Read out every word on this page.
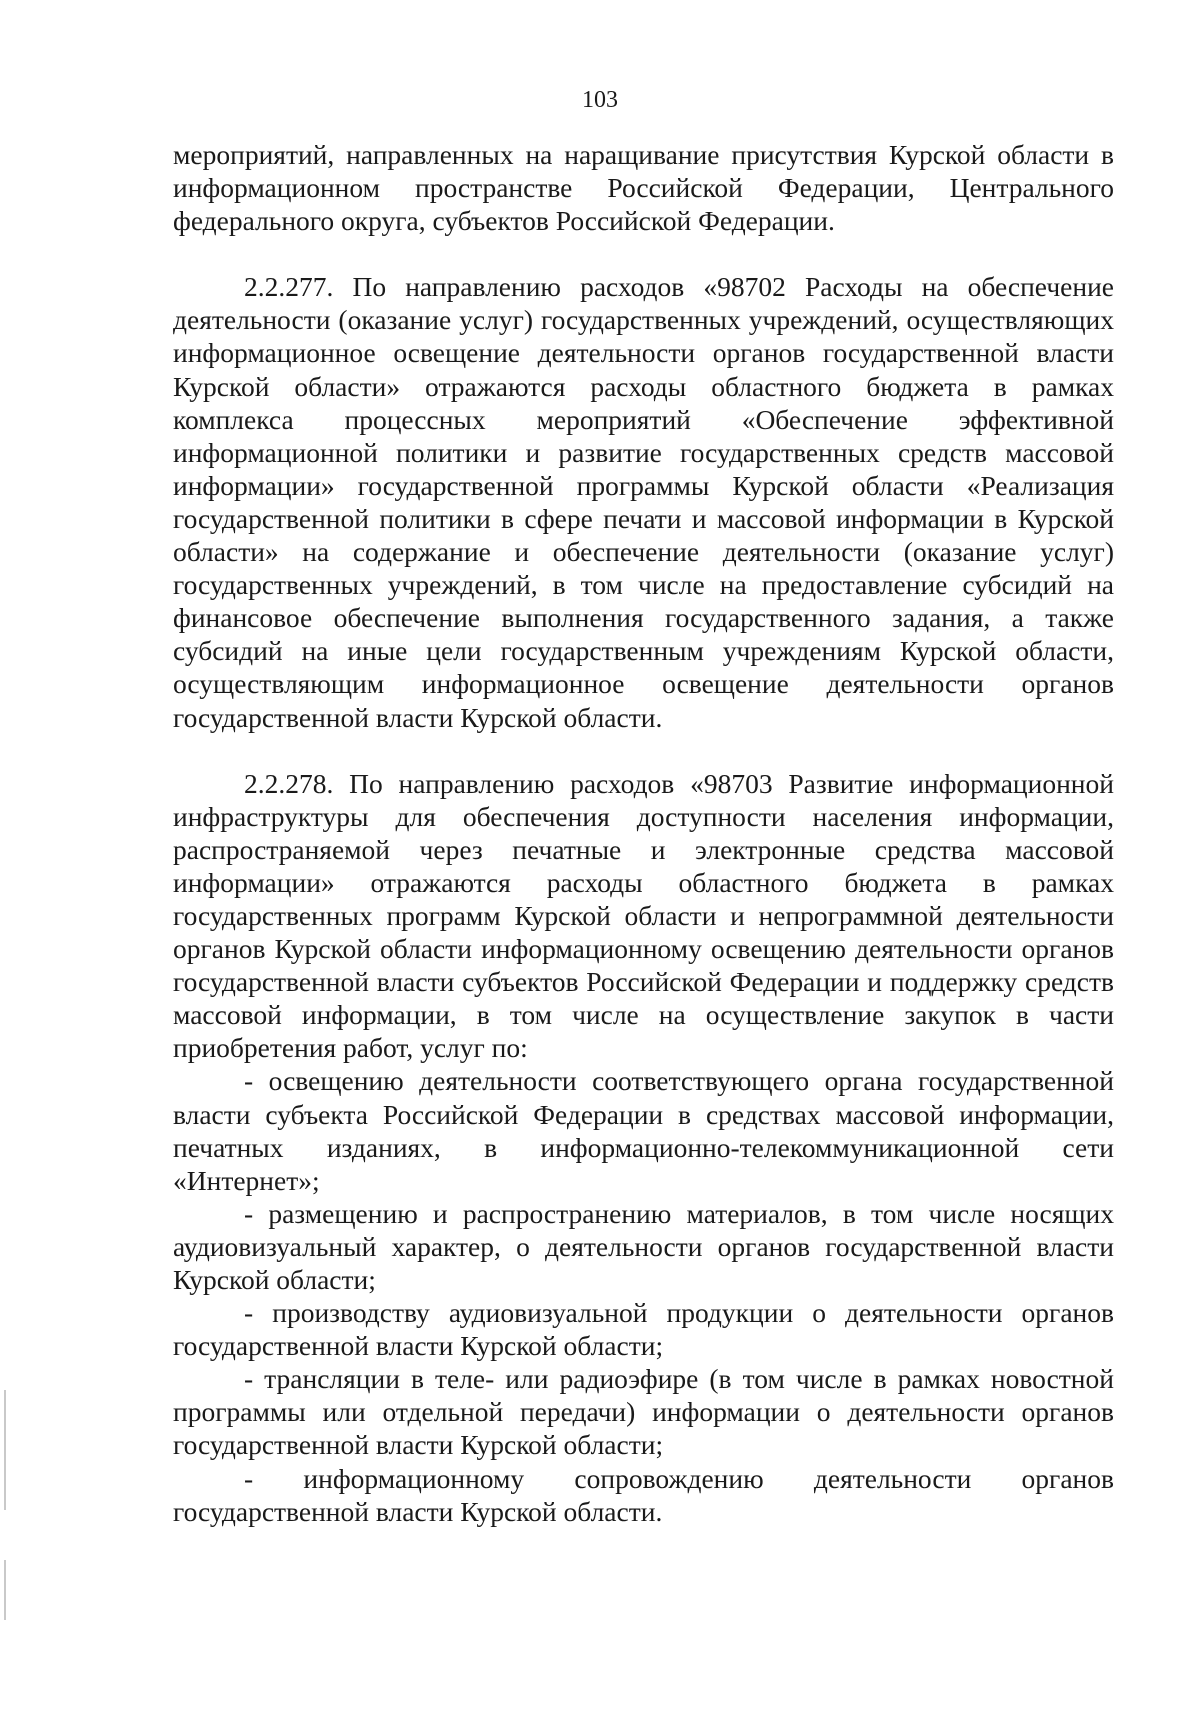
103

мероприятий, направленных на наращивание присутствия Курской области в информационном пространстве Российской Федерации, Центрального федерального округа, субъектов Российской Федерации.

2.2.277. По направлению расходов «98702 Расходы на обеспечение деятельности (оказание услуг) государственных учреждений, осуществляющих информационное освещение деятельности органов государственной власти Курской области» отражаются расходы областного бюджета в рамках комплекса процессных мероприятий «Обеспечение эффективной информационной политики и развитие государственных средств массовой информации» государственной программы Курской области «Реализация государственной политики в сфере печати и массовой информации в Курской области» на содержание и обеспечение деятельности (оказание услуг) государственных учреждений, в том числе на предоставление субсидий на финансовое обеспечение выполнения государственного задания, а также субсидий на иные цели государственным учреждениям Курской области, осуществляющим информационное освещение деятельности органов государственной власти Курской области.

2.2.278. По направлению расходов «98703 Развитие информационной инфраструктуры для обеспечения доступности населения информации, распространяемой через печатные и электронные средства массовой информации» отражаются расходы областного бюджета в рамках государственных программ Курской области и непрограммной деятельности органов Курской области информационному освещению деятельности органов государственной власти субъектов Российской Федерации и поддержку средств массовой информации, в том числе на осуществление закупок в части приобретения работ, услуг по:

- освещению деятельности соответствующего органа государственной власти субъекта Российской Федерации в средствах массовой информации, печатных изданиях, в информационно-телекоммуникационной сети «Интернет»;

- размещению и распространению материалов, в том числе носящих аудиовизуальный характер, о деятельности органов государственной власти Курской области;

- производству аудиовизуальной продукции о деятельности органов государственной власти Курской области;

- трансляции в теле- или радиоэфире (в том числе в рамках новостной программы или отдельной передачи) информации о деятельности органов государственной власти Курской области;

- информационному сопровождению деятельности органов государственной власти Курской области.
